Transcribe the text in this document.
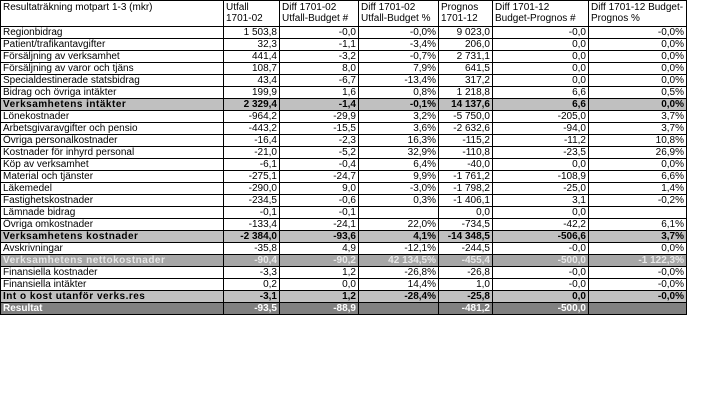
Resultaträkning motpart 1-3 (mkr)	Utfall 1701-02	Diff 1701-02 Utfall-Budget #	Diff 1701-02 Utfall-Budget %	Prognos 1701-12	Diff 1701-12 Budget-Prognos #	Diff 1701-12 Budget-Prognos %
Regionbidrag	1 503,8	-0,0	-0,0%	9 023,0	-0,0	-0,0%
Patient/trafikantavgifter	32,3	-1,1	-3,4%	206,0	0,0	0,0%
Försäljning av verksamhet	441,4	-3,2	-0,7%	2 731,1	0,0	0,0%
Försäljning av varor och tjäns	108,7	8,0	7,9%	641,5	0,0	0,0%
Specialdestinerade statsbidrag	43,4	-6,7	-13,4%	317,2	0,0	0,0%
Bidrag och övriga intäkter	199,9	1,6	0,8%	1 218,8	6,6	0,5%
Verksamhetens intäkter	2 329,4	-1,4	-0,1%	14 137,6	6,6	0,0%
Lönekostnader	-964,2	-29,9	3,2%	-5 750,0	-205,0	3,7%
Arbetsgivaravgifter och pensio	-443,2	-15,5	3,6%	-2 632,6	-94,0	3,7%
Övriga personalkostnader	-16,4	-2,3	16,3%	-115,2	-11,2	10,8%
Kostnader för inhyrd personal	-21,0	-5,2	32,9%	-110,8	-23,5	26,9%
Köp av verksamhet	-6,1	-0,4	6,4%	-40,0	0,0	0,0%
Material och tjänster	-275,1	-24,7	9,9%	-1 761,2	-108,9	6,6%
Läkemedel	-290,0	9,0	-3,0%	-1 798,2	-25,0	1,4%
Fastighetskostnader	-234,5	-0,6	0,3%	-1 406,1	3,1	-0,2%
Lämnade bidrag	-0,1	-0,1		0,0	0,0	
Övriga omkostnader	-133,4	-24,1	22,0%	-734,5	-42,2	6,1%
Verksamhetens kostnader	-2 384,0	-93,6	4,1%	-14 348,5	-506,6	3,7%
Avskrivningar	-35,8	4,9	-12,1%	-244,5	-0,0	0,0%
Verksamhetens nettokostnader	-90,4	-90,2	42 134,5%	-455,4	-500,0	-1 122,3%
Finansiella kostnader	-3,3	1,2	-26,8%	-26,8	-0,0	-0,0%
Finansiella intäkter	0,2	0,0	14,4%	1,0	-0,0	-0,0%
Int o kost utanför verks.res	-3,1	1,2	-28,4%	-25,8	0,0	-0,0%
Resultat	-93,5	-88,9		-481,2	-500,0	
